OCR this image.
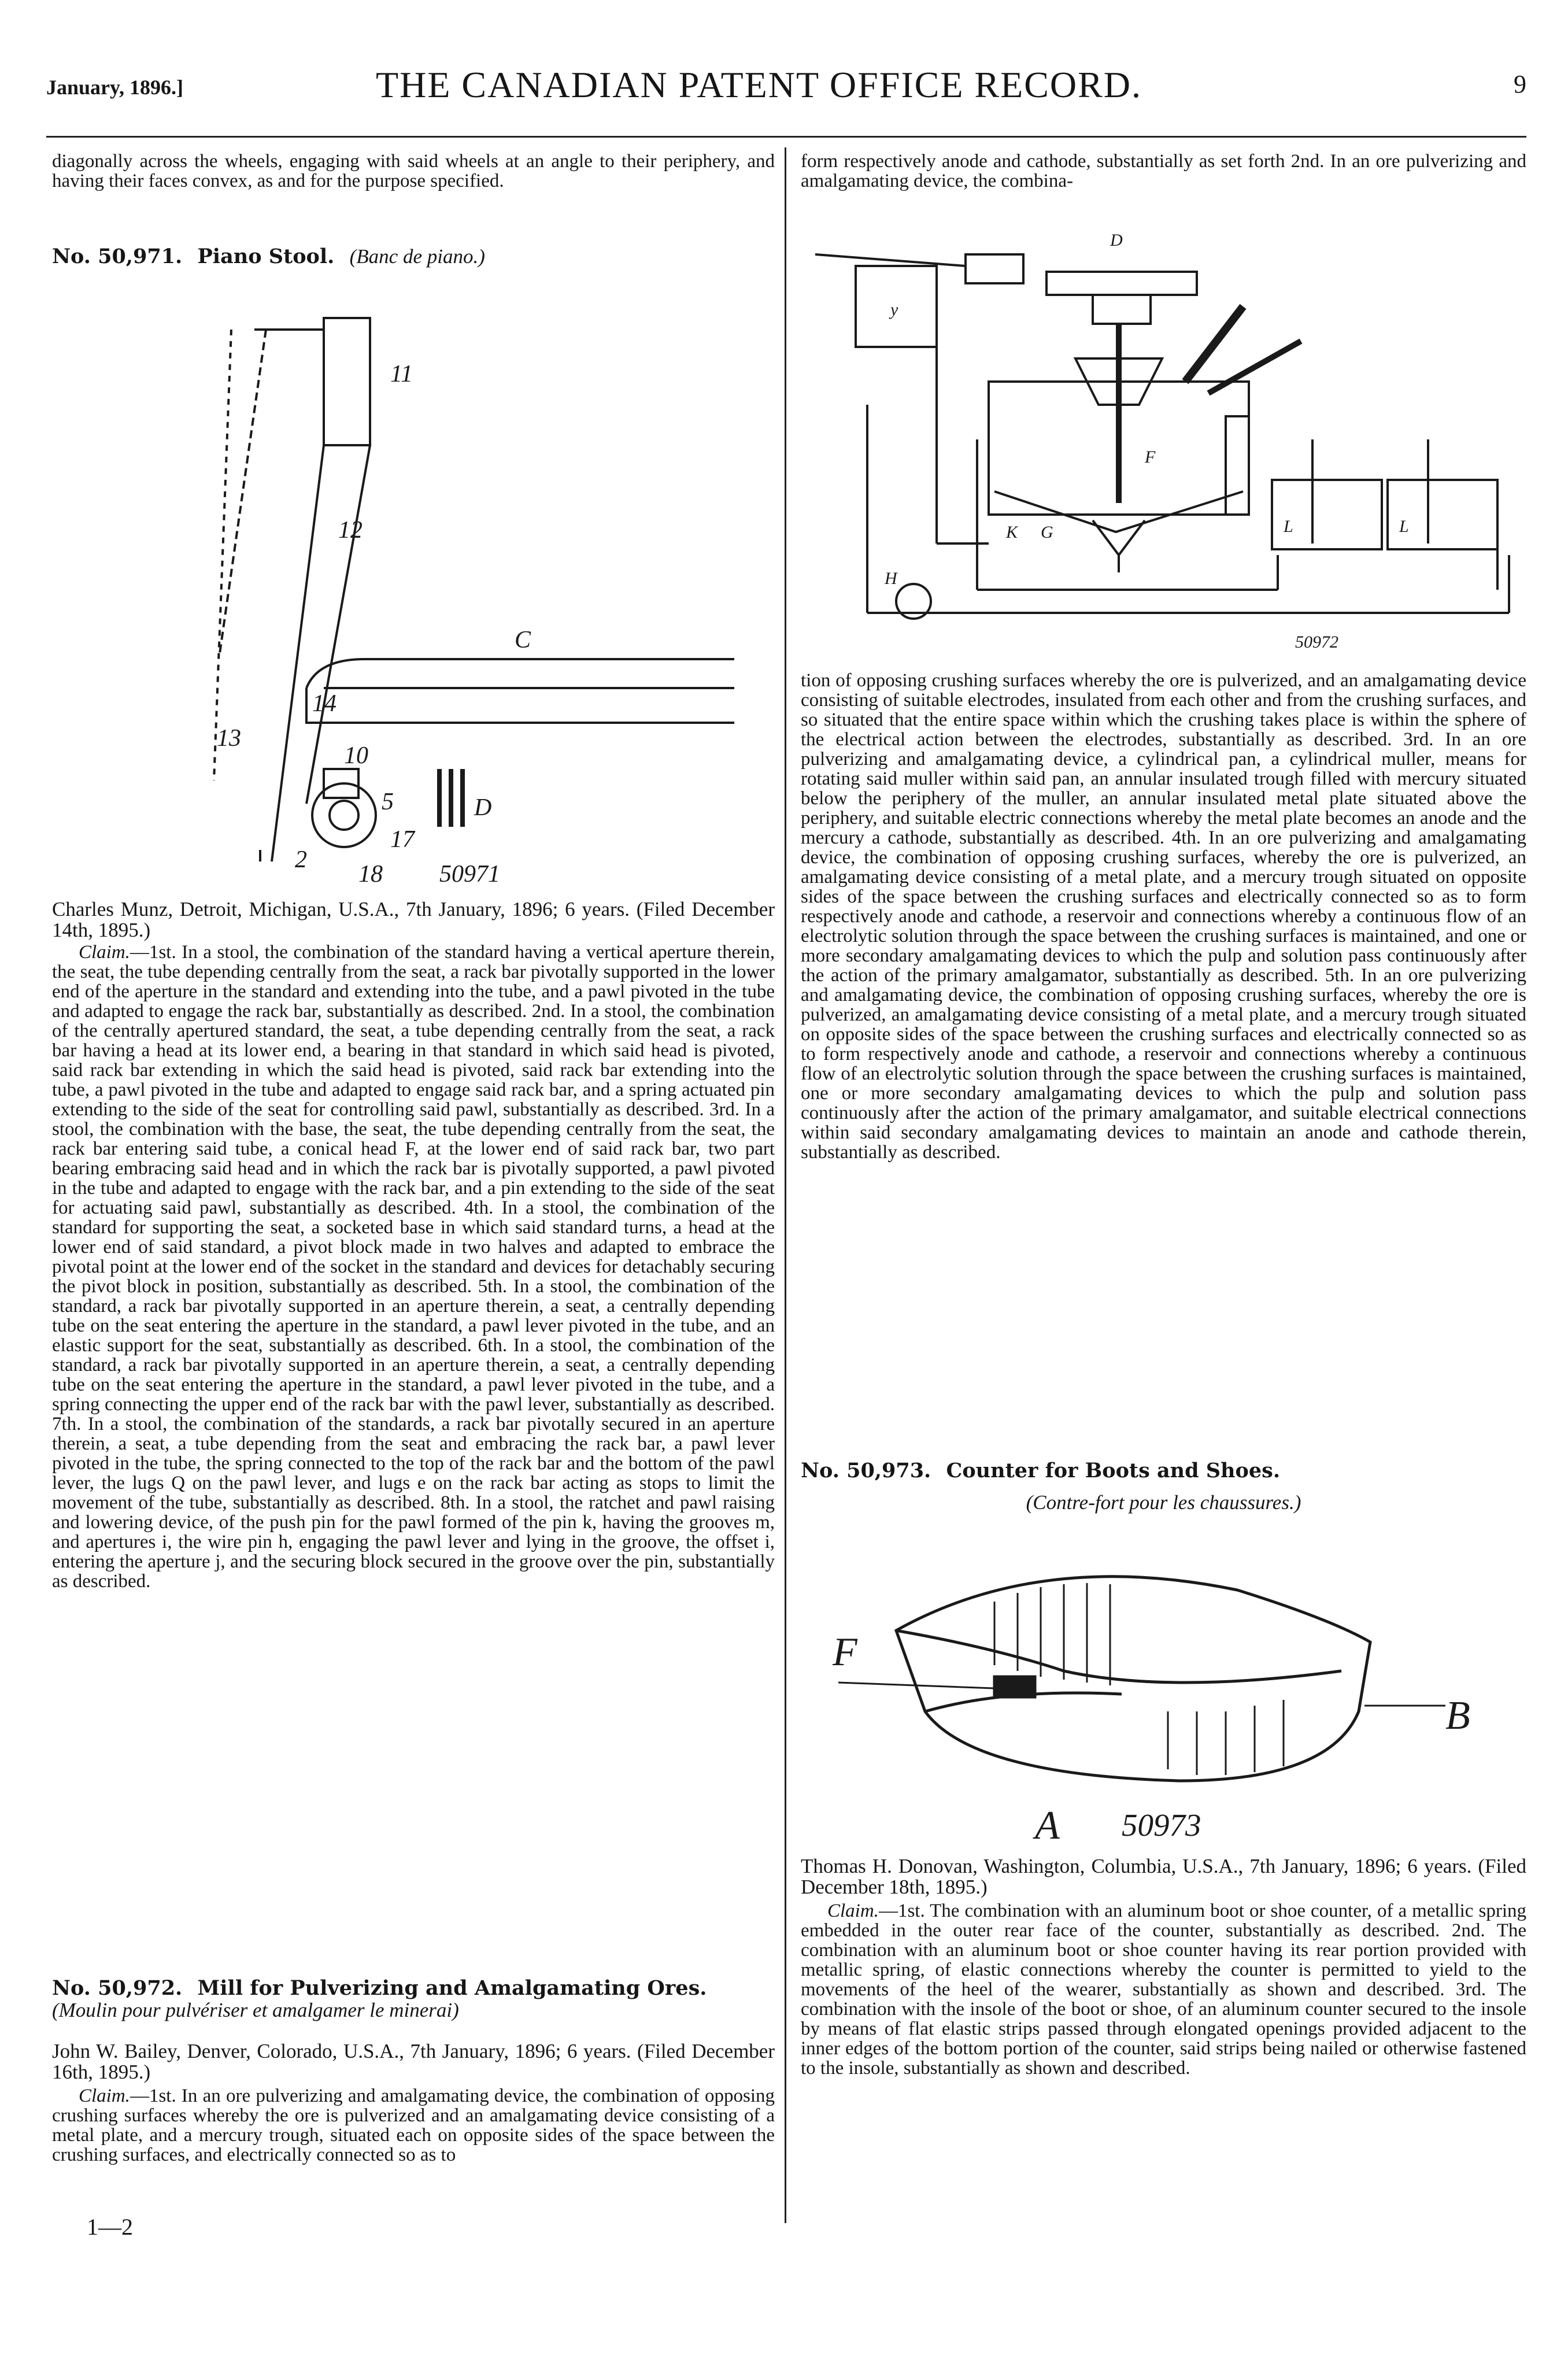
January, 1896.]	THE CANADIAN PATENT OFFICE RECORD.	9

diagonally across the wheels, engaging with said wheels at an angle to their periphery, and having their faces convex, as and for the purpose specified.

No. 50,971. Piano Stool. (Banc de piano.)

11
12
C
14
13
10
5	D
17
2
18 50971

Charles Munz, Detroit, Michigan, U.S.A., 7th January, 1896; 6 years. (Filed December 14th, 1895.)

Claim.—1st. In a stool, the combination of the standard having a vertical aperture therein, the seat, the tube depending centrally from the seat, a rack bar pivotally supported in the lower end of the aperture in the standard and extending into the tube, and a pawl pivoted in the tube and adapted to engage the rack bar, substantially as described. 2nd. In a stool, the combination of the centrally apertured standard, the seat, a tube depending centrally from the seat, a rack bar having a head at its lower end, a bearing in that standard in which said head is pivoted, said rack bar extending in which the said head is pivoted, said rack bar extending into the tube, a pawl pivoted in the tube and adapted to engage said rack bar, and a spring actuated pin extending to the side of the seat for controlling said pawl, substantially as described. 3rd. In a stool, the combination with the base, the seat, the tube depending centrally from the seat, the rack bar entering said tube, a conical head F, at the lower end of said rack bar, two part bearing embracing said head and in which the rack bar is pivotally supported, a pawl pivoted in the tube and adapted to engage with the rack bar, and a pin extending to the side of the seat for actuating said pawl, substantially as described. 4th. In a stool, the combination of the standard for supporting the seat, a socketed base in which said standard turns, a head at the lower end of said standard, a pivot block made in two halves and adapted to embrace the pivotal point at the lower end of the socket in the standard and devices for detachably securing the pivot block in position, substantially as described. 5th. In a stool, the combination of the standard, a rack bar pivotally supported in an aperture therein, a seat, a centrally depending tube on the seat entering the aperture in the standard, a pawl lever pivoted in the tube, and an elastic support for the seat, substantially as described. 6th. In a stool, the combination of the standard, a rack bar pivotally supported in an aperture therein, a seat, a centrally depending tube on the seat entering the aperture in the standard, a pawl lever pivoted in the tube, and a spring connecting the upper end of the rack bar with the pawl lever, substantially as described. 7th. In a stool, the combination of the standards, a rack bar pivotally secured in an aperture therein, a seat, a tube depending from the seat and embracing the rack bar, a pawl lever pivoted in the tube, the spring connected to the top of the rack bar and the bottom of the pawl lever, the lugs Q on the pawl lever, and lugs e on the rack bar acting as stops to limit the movement of the tube, substantially as described. 8th. In a stool, the ratchet and pawl raising and lowering device, of the push pin for the pawl formed of the pin k, having the grooves m, and apertures i, the wire pin h, engaging the pawl lever and lying in the groove, the offset i, entering the aperture j, and the securing block secured in the groove over the pin, substantially as described.

No. 50,972. Mill for Pulverizing and Amalgamating Ores.  (Moulin pour pulvériser et amalgamer le minerai)

John W. Bailey, Denver, Colorado, U.S.A., 7th January, 1896; 6 years. (Filed December 16th, 1895.)

Claim.—1st. In an ore pulverizing and amalgamating device, the combination of opposing crushing surfaces whereby the ore is pulverized and an amalgamating device consisting of a metal plate, and a mercury trough, situated each on opposite sides of the space between the crushing surfaces, and electrically connected so as to

1—2

form respectively anode and cathode, substantially as set forth 2nd. In an ore pulverizing and amalgamating device, the combina-

D
y
F
H
K G	L	L
50972

tion of opposing crushing surfaces whereby the ore is pulverized, and an amalgamating device consisting of suitable electrodes, insulated from each other and from the crushing surfaces, and so situated that the entire space within which the crushing takes place is within the sphere of the electrical action between the electrodes, substantially as described. 3rd. In an ore pulverizing and amalgamating device, a cylindrical pan, a cylindrical muller, means for rotating said muller within said pan, an annular insulated trough filled with mercury situated below the periphery of the muller, an annular insulated metal plate situated above the periphery, and suitable electric connections whereby the metal plate becomes an anode and the mercury a cathode, substantially as described. 4th. In an ore pulverizing and amalgamating device, the combination of opposing crushing surfaces, whereby the ore is pulverized, an amalgamating device consisting of a metal plate, and a mercury trough situated on opposite sides of the space between the crushing surfaces and electrically connected so as to form respectively anode and cathode, a reservoir and connections whereby a continuous flow of an electrolytic solution through the space between the crushing surfaces is maintained, and one or more secondary amalgamating devices to which the pulp and solution pass continuously after the action of the primary amalgamator, substantially as described. 5th. In an ore pulverizing and amalgamating device, the combination of opposing crushing surfaces, whereby the ore is pulverized, an amalgamating device consisting of a metal plate, and a mercury trough situated on opposite sides of the space between the crushing surfaces and electrically connected so as to form respectively anode and cathode, a reservoir and connections whereby a continuous flow of an electrolytic solution through the space between the crushing surfaces is maintained, one or more secondary amalgamating devices to which the pulp and solution pass continuously after the action of the primary amalgamator, and suitable electrical connections within said secondary amalgamating devices to maintain an anode and cathode therein, substantially as described.

No. 50,973. Counter for Boots and Shoes.

(Contre-fort pour les chaussures.)

F
B
A 50973

Thomas H. Donovan, Washington, Columbia, U.S.A., 7th January, 1896; 6 years. (Filed December 18th, 1895.)

Claim.—1st. The combination with an aluminum boot or shoe counter, of a metallic spring embedded in the outer rear face of the counter, substantially as described. 2nd. The combination with an aluminum boot or shoe counter having its rear portion provided with metallic spring, of elastic connections whereby the counter is permitted to yield to the movements of the heel of the wearer, substantially as shown and described. 3rd. The combination with the insole of the boot or shoe, of an aluminum counter secured to the insole by means of flat elastic strips passed through elongated openings provided adjacent to the inner edges of the bottom portion of the counter, said strips being nailed or otherwise fastened to the insole, substantially as shown and described.
